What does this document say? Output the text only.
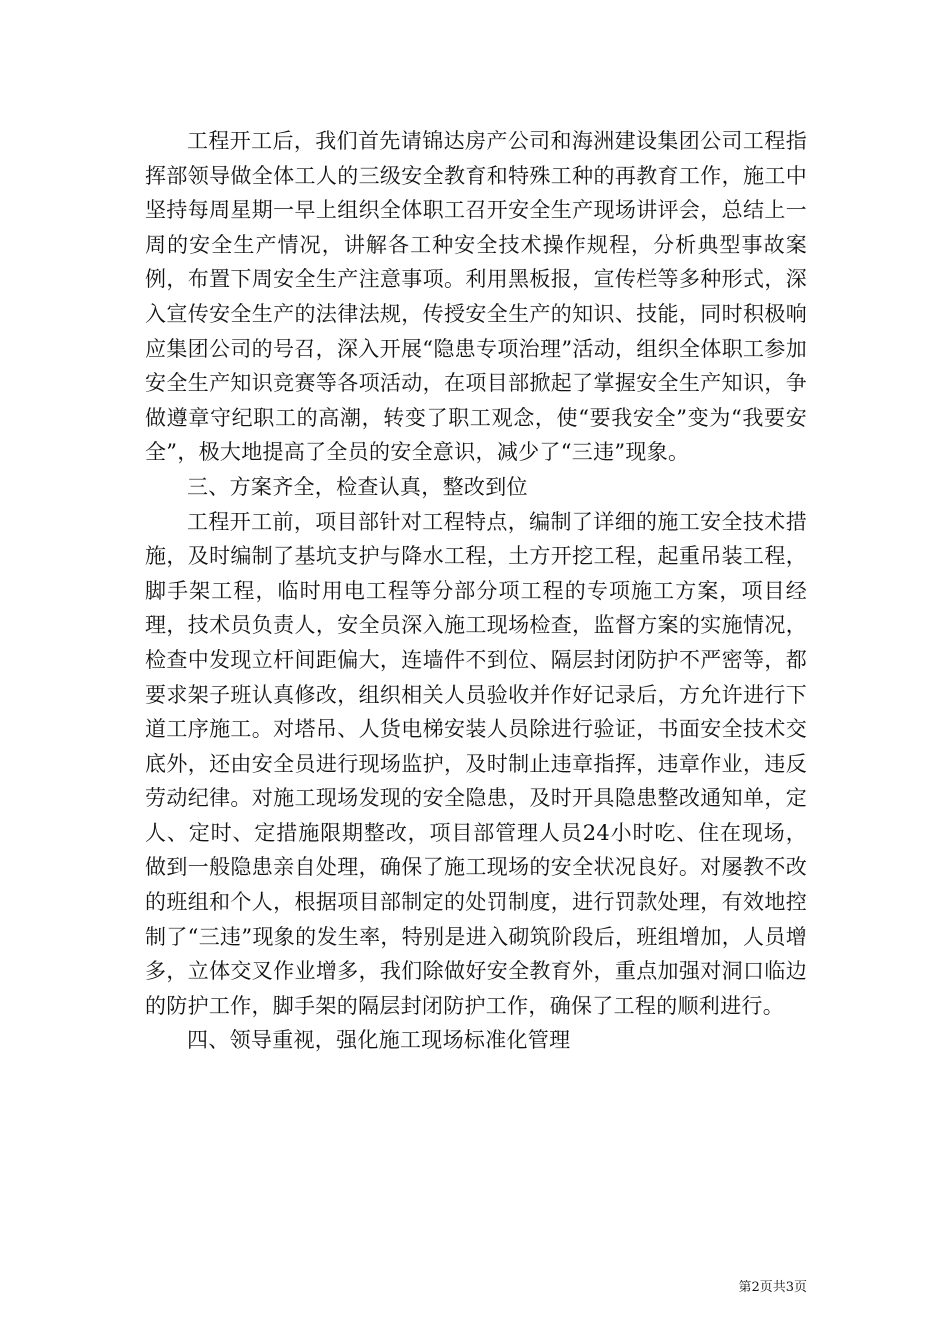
工程开工后，我们首先请锦达房产公司和海洲建设集团公司工程指挥部领导做全体工人的三级安全教育和特殊工种的再教育工作，施工中坚持每周星期一早上组织全体职工召开安全生产现场讲评会，总结上一周的安全生产情况，讲解各工种安全技术操作规程，分析典型事故案例，布置下周安全生产注意事项。利用黑板报，宣传栏等多种形式，深入宣传安全生产的法律法规，传授安全生产的知识、技能，同时积极响应集团公司的号召，深入开展“隐患专项治理”活动，组织全体职工参加安全生产知识竞赛等各项活动，在项目部掀起了掌握安全生产知识，争做遵章守纪职工的高潮，转变了职工观念，使“要我安全”变为“我要安全”，极大地提高了全员的安全意识，减少了“三违”现象。

三、方案齐全，检查认真，整改到位

工程开工前，项目部针对工程特点，编制了详细的施工安全技术措施，及时编制了基坑支护与降水工程，土方开挖工程，起重吊装工程，脚手架工程，临时用电工程等分部分项工程的专项施工方案，项目经理，技术员负责人，安全员深入施工现场检查，监督方案的实施情况，检查中发现立杆间距偏大，连墙件不到位、隔层封闭防护不严密等，都要求架子班认真修改，组织相关人员验收并作好记录后，方允许进行下道工序施工。对塔吊、人货电梯安装人员除进行验证，书面安全技术交底外，还由安全员进行现场监护，及时制止违章指挥，违章作业，违反劳动纪律。对施工现场发现的安全隐患，及时开具隐患整改通知单，定人、定时、定措施限期整改，项目部管理人员24小时吃、住在现场，做到一般隐患亲自处理，确保了施工现场的安全状况良好。对屡教不改的班组和个人，根据项目部制定的处罚制度，进行罚款处理，有效地控制了“三违”现象的发生率，特别是进入砌筑阶段后，班组增加，人员增多，立体交叉作业增多，我们除做好安全教育外，重点加强对洞口临边的防护工作，脚手架的隔层封闭防护工作，确保了工程的顺利进行。

四、领导重视，强化施工现场标准化管理

第2页共3页
